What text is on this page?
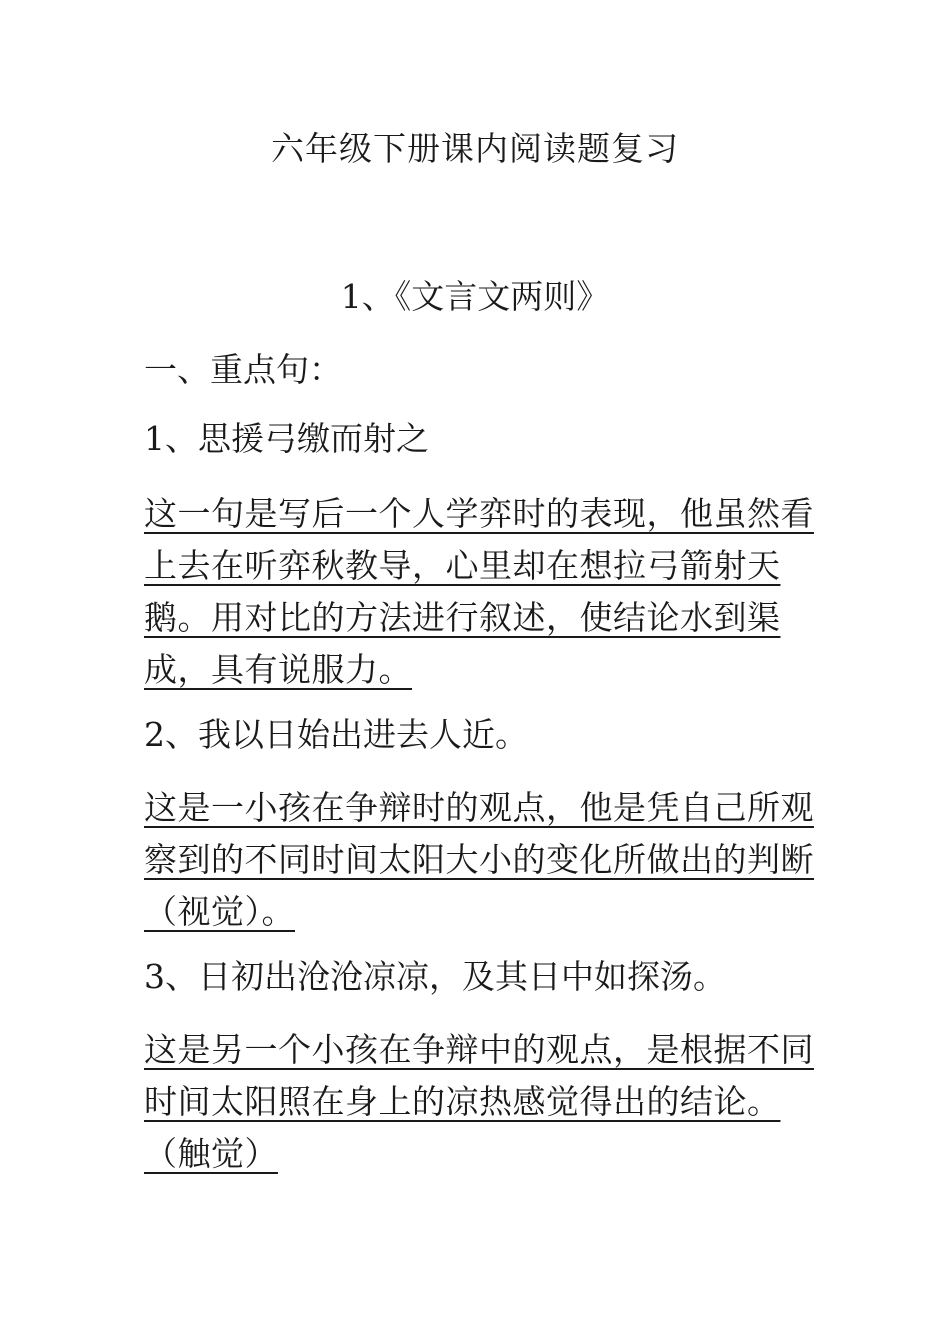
六年级下册课内阅读题复习
1、《文言文两则》
一、重点句：
1、思援弓缴而射之
这一句是写后一个人学弈时的表现，他虽然看上去在听弈秋教导，心里却在想拉弓箭射天鹅。用对比的方法进行叙述，使结论水到渠成，具有说服力。
2、我以日始出进去人近。
这是一小孩在争辩时的观点，他是凭自己所观察到的不同时间太阳大小的变化所做出的判断（视觉）。
3、日初出沧沧凉凉，及其日中如探汤。
这是另一个小孩在争辩中的观点，是根据不同时间太阳照在身上的凉热感觉得出的结论。（触觉）
